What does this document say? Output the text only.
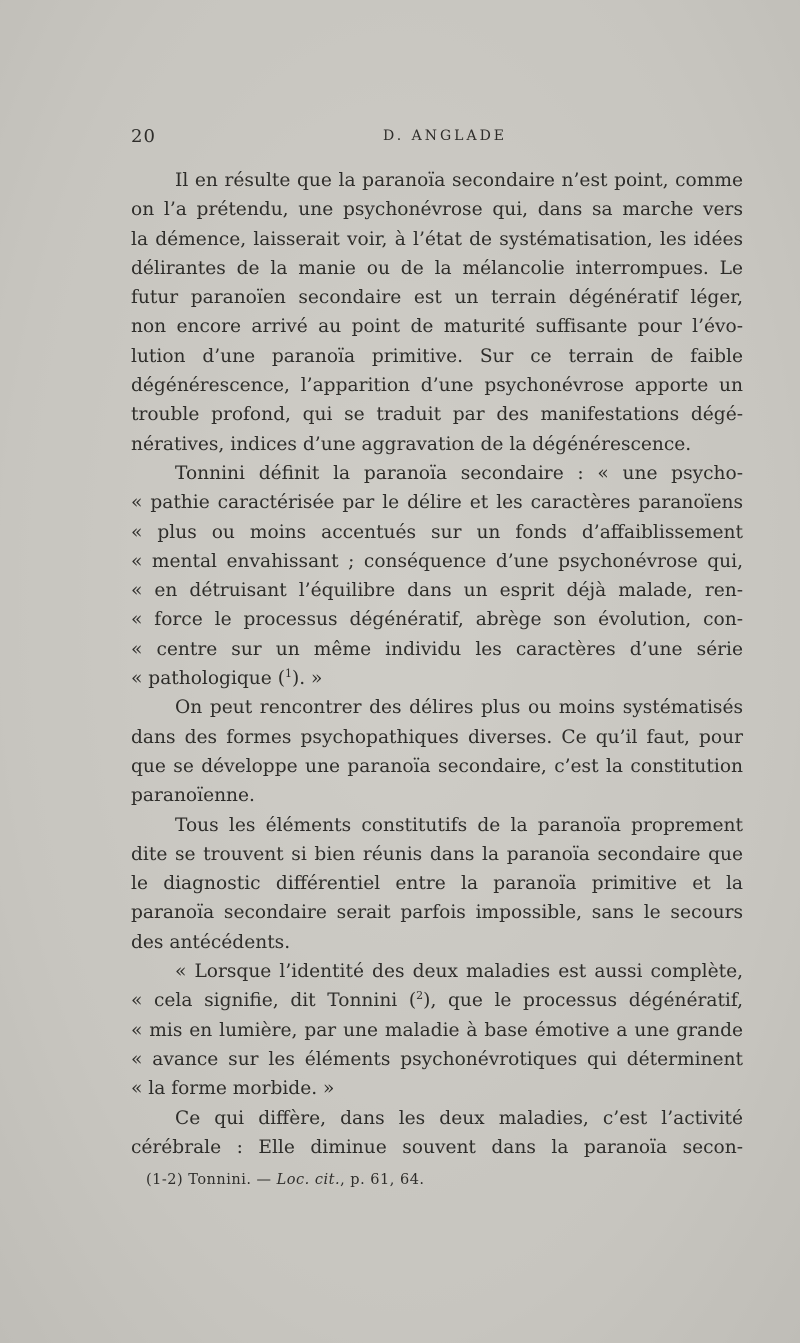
20	D. ANGLADE

Il en résulte que la paranoïa secondaire n’est point, comme

on l’a prétendu, une psychonévrose qui, dans sa marche vers

la démence, laisserait voir, à l’état de systématisation, les idées

délirantes de la manie ou de la mélancolie interrompues. Le

futur paranoïen secondaire est un terrain dégénératif léger,

non encore arrivé au point de maturité suffisante pour l’évo-

lution d’une paranoïa primitive. Sur ce terrain de faible

dégénérescence, l’apparition d’une psychonévrose apporte un

trouble profond, qui se traduit par des manifestations dégé-

nératives, indices d’une aggravation de la dégénérescence.

Tonnini définit la paranoïa secondaire : « une psycho-

« pathie caractérisée par le délire et les caractères paranoïens

« plus ou moins accentués sur un fonds d’affaiblissement

« mental envahissant ; conséquence d’une psychonévrose qui,

« en détruisant l’équilibre dans un esprit déjà malade, ren-

« force le processus dégénératif, abrège son évolution, con-

« centre sur un même individu les caractères d’une série

« pathologique ($^1$). »

On peut rencontrer des délires plus ou moins systématisés

dans des formes psychopathiques diverses. Ce qu’il faut, pour

que se développe une paranoïa secondaire, c’est la constitution

paranoïenne.

Tous les éléments constitutifs de la paranoïa proprement

dite se trouvent si bien réunis dans la paranoïa secondaire que

le diagnostic différentiel entre la paranoïa primitive et la

paranoïa secondaire serait parfois impossible, sans le secours

des antécédents.

« Lorsque l’identité des deux maladies est aussi complète,

« cela signifie, dit Tonnini ($^2$), que le processus dégénératif,

« mis en lumière, par une maladie à base émotive a une grande

« avance sur les éléments psychonévrotiques qui déterminent

« la forme morbide. »

Ce qui diffère, dans les deux maladies, c’est l’activité

cérébrale : Elle diminue souvent dans la paranoïa secon-

(1-2) Tonnini. — Loc. cit., p. 61, 64.
